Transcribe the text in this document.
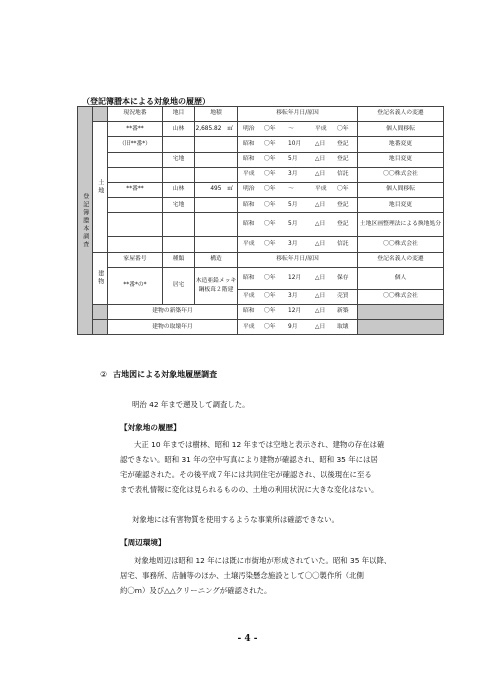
（登記簿謄本による対象地の履歴）
登記簿謄本調査		現況地番	地目	地積	移転年月日/原因	登記名義人の変遷
	土地	**番**	山林	2,685.82　㎡	明治 〇年 ～ 平成 〇年	個人間移転
		（旧**番*）			昭和 〇年 10月 △日 登記	地番変更
			宅地		昭和 〇年 5月 △日 登記	地目変更
					平成 〇年 3月 △日 信託	〇〇株式会社
		**番**	山林	495　㎡	明治 〇年 ～ 平成 〇年	個人間移転
			宅地		昭和 〇年 5月 △日 登記	地目変更
					昭和 〇年 5月 △日 登記	土地区画整理法による換地処分
					平成 〇年 3月 △日 信託	〇〇株式会社
	建物	家屋番号	種類	構造	移転年月日/原因	登記名義人の変遷
		**番*の*	居宅	木造亜鉛メッキ鋼板葺２階建	昭和 〇年 12月 △日 保存	個人
					平成 〇年 3月 △日 売買	〇〇株式会社
		建物の新築年月			昭和 〇年 12月 △日 新築	
		建物の取壊年月			平成 〇年 9月 △日 取壊	
② 古地図による対象地履歴調査
明治 42 年まで遡及して調査した。
【対象地の履歴】
大正 10 年までは樹林、昭和 12 年までは空地と表示され、建物の存在は確
認できない。昭和 31 年の空中写真により建物が確認され、昭和 35 年には居
宅が確認された。その後平成７年には共同住宅が確認され、以後現在に至る
まで表札情報に変化は見られるものの、土地の利用状況に大きな変化はない。
対象地には有害物質を使用するような事業所は確認できない。
【周辺環境】
対象地周辺は昭和 12 年には既に市街地が形成されていた。昭和 35 年以降、
居宅、事務所、店舗等のほか、土壌汚染懸念施設として〇〇製作所（北側
約〇m）及び△△クリーニングが確認された。
- 4 -
